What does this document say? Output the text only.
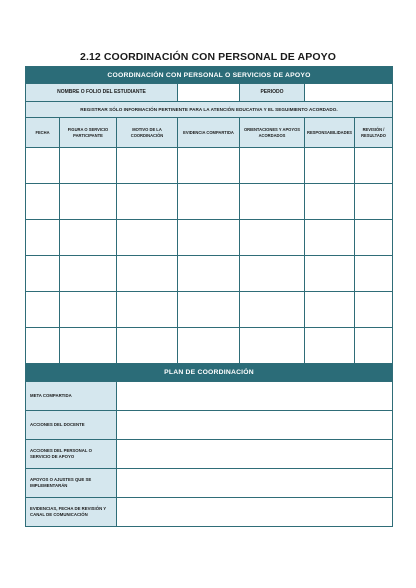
2.12 COORDINACIÓN CON PERSONAL DE APOYO
COORDINACIÓN CON PERSONAL O SERVICIOS DE APOYO						
NOMBRE O FOLIO DEL ESTUDIANTE				PERIODO		
REGISTRAR SÓLO INFORMACIÓN PERTINENTE PARA LA ATENCIÓN EDUCATIVA Y EL SEGUIMIENTO ACORDADO.						
FECHA	FIGURA O SERVICIO PARTICIPANTE	MOTIVO DE LA COORDINACIÓN	EVIDENCIA COMPARTIDA	ORIENTACIONES Y APOYOS ACORDADOS	RESPONSABILIDADES	REVISIÓN / RESULTADO

PLAN DE COORDINACIÓN	
META COMPARTIDA	
ACCIONES DEL DOCENTE	
ACCIONES DEL PERSONAL O SERVICIO DE APOYO	
APOYOS O AJUSTES QUE SE IMPLEMENTARÁN	
EVIDENCIAS, FECHA DE REVISIÓN Y CANAL DE COMUNICACIÓN	
